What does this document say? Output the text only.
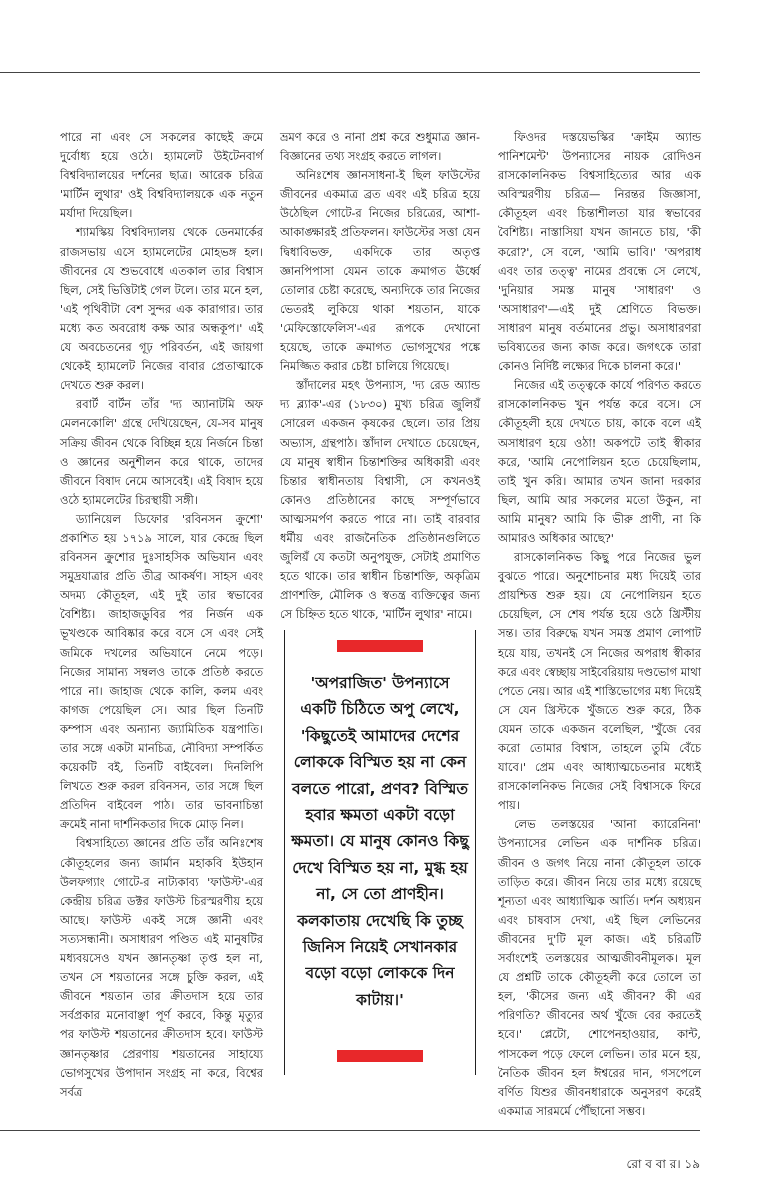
পারে না এবং সে সকলের কাছেই ক্রমে দুর্বোধ্য হয়ে ওঠে। হ্যামলেট উইটেনবার্গ বিশ্ববিদ্যালয়ের দর্শনের ছাত্র। আরেক চরিত্র 'মার্টিন লুথার' ওই বিশ্ববিদ্যালয়কে এক নতুন মর্যাদা দিয়েছিল।

শ্যামস্কিয় বিশ্ববিদ্যালয় থেকে ডেনমার্কের রাজসভায় এসে হ্যামলেটের মোহভঙ্গ হল। জীবনের যে শুভবোধে এতকাল তার বিশ্বাস ছিল, সেই ভিত্তিটাই গেল টলে। তার মনে হল, 'এই পৃথিবীটা বেশ সুন্দর এক কারাগার। তার মধ্যে কত অবরোধ কক্ষ আর অন্ধকূপ।' এই যে অবচেতনের গূঢ় পরিবর্তন, এই জায়গা থেকেই হ্যামলেট নিজের বাবার প্রেতাত্মাকে দেখতে শুরু করল।

রবার্ট বার্টন তাঁর 'দ্য অ্যানাটমি অফ মেলনকোলি' গ্রন্থে দেখিয়েছেন, যে-সব মানুষ সক্রিয় জীবন থেকে বিচ্ছিন্ন হয়ে নির্জনে চিন্তা ও জ্ঞানের অনুশীলন করে থাকে, তাদের জীবনে বিষাদ নেমে আসবেই। এই বিষাদ হয়ে ওঠে হ্যামলেটের চিরস্থায়ী সঙ্গী।

ড্যানিয়েল ডিফোর 'রবিনসন ক্রুশো' প্রকাশিত হয় ১৭১৯ সালে, যার কেন্দ্রে ছিল রবিনসন ক্রুশোর দুঃসাহসিক অভিযান এবং সমুদ্রযাত্রার প্রতি তীব্র আকর্ষণ। সাহস এবং অদম্য কৌতূহল, এই দুই তার স্বভাবের বৈশিষ্ট্য। জাহাজডুবির পর নির্জন এক ভূখণ্ডকে আবিষ্কার করে বসে সে এবং সেই জমিকে দখলের অভিযানে নেমে পড়ে। নিজের সামান্য সম্বলও তাকে প্রতিষ্ঠ করতে পারে না। জাহাজ থেকে কালি, কলম এবং কাগজ পেয়েছিল সে। আর ছিল তিনটি কম্পাস এবং অন্যান্য জ্যামিতিক যন্ত্রপাতি। তার সঙ্গে একটা মানচিত্র, নৌবিদ্যা সম্পর্কিত কয়েকটি বই, তিনটি বাইবেল। দিনলিপি লিখতে শুরু করল রবিনসন, তার সঙ্গে ছিল প্রতিদিন বাইবেল পাঠ। তার ভাবনাচিন্তা ক্রমেই নানা দার্শনিকতার দিকে মোড় নিল।

বিশ্বসাহিত্যে জ্ঞানের প্রতি তাঁর অনিঃশেষ কৌতূহলের জন্য জার্মান মহাকবি ইউহান উলফগ্যাং গোটে-র নাট্যকাব্য 'ফাউস্ট'-এর কেন্দ্রীয় চরিত্র ডক্টর ফাউস্ট চিরস্মরণীয় হয়ে আছে। ফাউস্ট একই সঙ্গে জ্ঞানী এবং সত্যসন্ধানী। অসাধারণ পণ্ডিত এই মানুষটির মধ্যবয়সেও যখন জ্ঞানতৃষ্ণা তৃপ্ত হল না, তখন সে শয়তানের সঙ্গে চুক্তি করল, এই জীবনে শয়তান তার ক্রীতদাস হয়ে তার সর্বপ্রকার মনোবাঞ্ছা পূর্ণ করবে, কিন্তু মৃত্যুর পর ফাউস্ট শয়তানের ক্রীতদাস হবে। ফাউস্ট জ্ঞানতৃষ্ণার প্রেরণায় শয়তানের সাহায্যে ভোগসুখের উপাদান সংগ্রহ না করে, বিশ্বের সর্বত্র

ভ্রমণ করে ও নানা প্রশ্ন করে শুধুমাত্র জ্ঞান-বিজ্ঞানের তথ্য সংগ্রহ করতে লাগল।

অনিঃশেষ জ্ঞানসাধনা-ই ছিল ফাউস্টের জীবনের একমাত্র ব্রত এবং এই চরিত্র হয়ে উঠেছিল গোটে-র নিজের চরিত্রের, আশা-আকাঙ্ক্ষারই প্রতিফলন। ফাউস্টের সত্তা যেন দ্বিধাবিভক্ত, একদিকে তার অতৃপ্ত জ্ঞানপিপাসা যেমন তাকে ক্রমাগত ঊর্ধ্বে তোলার চেষ্টা করেছে, অন্যদিকে তার নিজের ভেতরই লুকিয়ে থাকা শয়তান, যাকে 'মেফিস্তোফেলিস'-এর রূপকে দেখানো হয়েছে, তাকে ক্রমাগত ভোগসুখের পঙ্কে নিমজ্জিত করার চেষ্টা চালিয়ে গিয়েছে।

স্তাঁদালের মহৎ উপন্যাস, 'দ্য রেড অ্যান্ড দ্য ব্ল্যাক'-এর (১৮৩০) মুখ্য চরিত্র জুলিয়ঁ সোরেল একজন কৃষকের ছেলে। তার প্রিয় অভ্যাস, গ্রন্থপাঠ। স্তাঁদাল দেখাতে চেয়েছেন, যে মানুষ স্বাধীন চিন্তাশক্তির অধিকারী এবং চিন্তার স্বাধীনতায় বিশ্বাসী, সে কখনওই কোনও প্রতিষ্ঠানের কাছে সম্পূর্ণভাবে আত্মসমর্পণ করতে পারে না। তাই বারবার ধর্মীয় এবং রাজনৈতিক প্রতিষ্ঠানগুলিতে জুলিয়ঁ যে কতটা অনুপযুক্ত, সেটাই প্রমাণিত হতে থাকে। তার স্বাধীন চিন্তাশক্তি, অকৃত্রিম প্রাণশক্তি, মৌলিক ও স্বতন্ত্র ব্যক্তিত্বের জন্য সে চিহ্নিত হতে থাকে, 'মার্টিন লুথার' নামে।

'অপরাজিত' উপন্যাসে একটি চিঠিতে অপু লেখে, 'কিছুতেই আমাদের দেশের লোককে বিস্মিত হয় না কেন বলতে পারো, প্রণব? বিস্মিত হবার ক্ষমতা একটা বড়ো ক্ষমতা। যে মানুষ কোনও কিছু দেখে বিস্মিত হয় না, মুগ্ধ হয় না, সে তো প্রাণহীন। কলকাতায় দেখেছি কি তুচ্ছ জিনিস নিয়েই সেখানকার বড়ো বড়ো লোককে দিন কাটায়।'

ফিওদর দস্তয়েভস্কির 'ক্রাইম অ্যান্ড পানিশমেন্ট' উপন্যাসের নায়ক রোদিওন রাসকোলনিকভ বিশ্বসাহিত্যের আর এক অবিস্মরণীয় চরিত্র— নিরন্তর জিজ্ঞাসা, কৌতূহল এবং চিন্তাশীলতা যার স্বভাবের বৈশিষ্ট্য। নাস্তাসিয়া যখন জানতে চায়, 'কী করো?', সে বলে, 'আমি ভাবি।' 'অপরাধ এবং তার তত্ত্ব' নামের প্রবন্ধে সে লেখে, 'দুনিয়ার সমস্ত মানুষ 'সাধারণ' ও 'অসাধারণ'—এই দুই শ্রেণিতে বিভক্ত। সাধারণ মানুষ বর্তমানের প্রভু। অসাধারণরা ভবিষ্যতের জন্য কাজ করে। জগৎকে তারা কোনও নির্দিষ্ট লক্ষ্যের দিকে চালনা করে।'

নিজের এই তত্ত্বকে কার্যে পরিণত করতে রাসকোলনিকভ খুন পর্যন্ত করে বসে। সে কৌতূহলী হয়ে দেখতে চায়, কাকে বলে এই অসাধারণ হয়ে ওঠা! অকপটে তাই স্বীকার করে, 'আমি নেপোলিয়ন হতে চেয়েছিলাম, তাই খুন করি। আমার তখন জানা দরকার ছিল, আমি আর সকলের মতো উকুন, না আমি মানুষ? আমি কি ভীরু প্রাণী, না কি আমারও অধিকার আছে?'

রাসকোলনিকভ কিছু পরে নিজের ভুল বুঝতে পারে। অনুশোচনার মধ্য দিয়েই তার প্রায়শ্চিত্ত শুরু হয়। যে নেপোলিয়ন হতে চেয়েছিল, সে শেষ পর্যন্ত হয়ে ওঠে খ্রিস্টীয় সন্ত। তার বিরুদ্ধে যখন সমস্ত প্রমাণ লোপাট হয়ে যায়, তখনই সে নিজের অপরাধ স্বীকার করে এবং স্বেচ্ছায় সাইবেরিয়ায় দণ্ডভোগ মাথা পেতে নেয়। আর এই শাস্তিভোগের মধ্য দিয়েই সে যেন খ্রিস্টকে খুঁজতে শুরু করে, ঠিক যেমন তাকে একজন বলেছিল, 'খুঁজে বের করো তোমার বিশ্বাস, তাহলে তুমি বেঁচে যাবে।' প্রেম এবং আধ্যাত্মচেতনার মধ্যেই রাসকোলনিকভ নিজের সেই বিশ্বাসকে ফিরে পায়।

লেভ তলস্তয়ের 'আনা ক্যারেনিনা' উপন্যাসের লেভিন এক দার্শনিক চরিত্র। জীবন ও জগৎ নিয়ে নানা কৌতূহল তাকে তাড়িত করে। জীবন নিয়ে তার মধ্যে রয়েছে শূন্যতা এবং আধ্যাত্মিক আর্তি। দর্শন অধ্যয়ন এবং চাষবাস দেখা, এই ছিল লেভিনের জীবনের দু'টি মূল কাজ। এই চরিত্রটি সর্বাংশেই তলস্তয়ের আত্মজীবনীমূলক। মূল যে প্রশ্নটি তাকে কৌতূহলী করে তোলে তা হল, 'কীসের জন্য এই জীবন? কী এর পরিণতি? জীবনের অর্থ খুঁজে বের করতেই হবে।' প্লেটো, শোপেনহাওয়ার, কান্ট, পাসকেল পড়ে ফেলে লেভিন। তার মনে হয়, নৈতিক জীবন হল ঈশ্বরের দান, গসপেলে বর্ণিত যিশুর জীবনধারাকে অনুসরণ করেই একমাত্র সারমর্মে পৌঁছানো সম্ভব।

রো ব বা র। ১৯
